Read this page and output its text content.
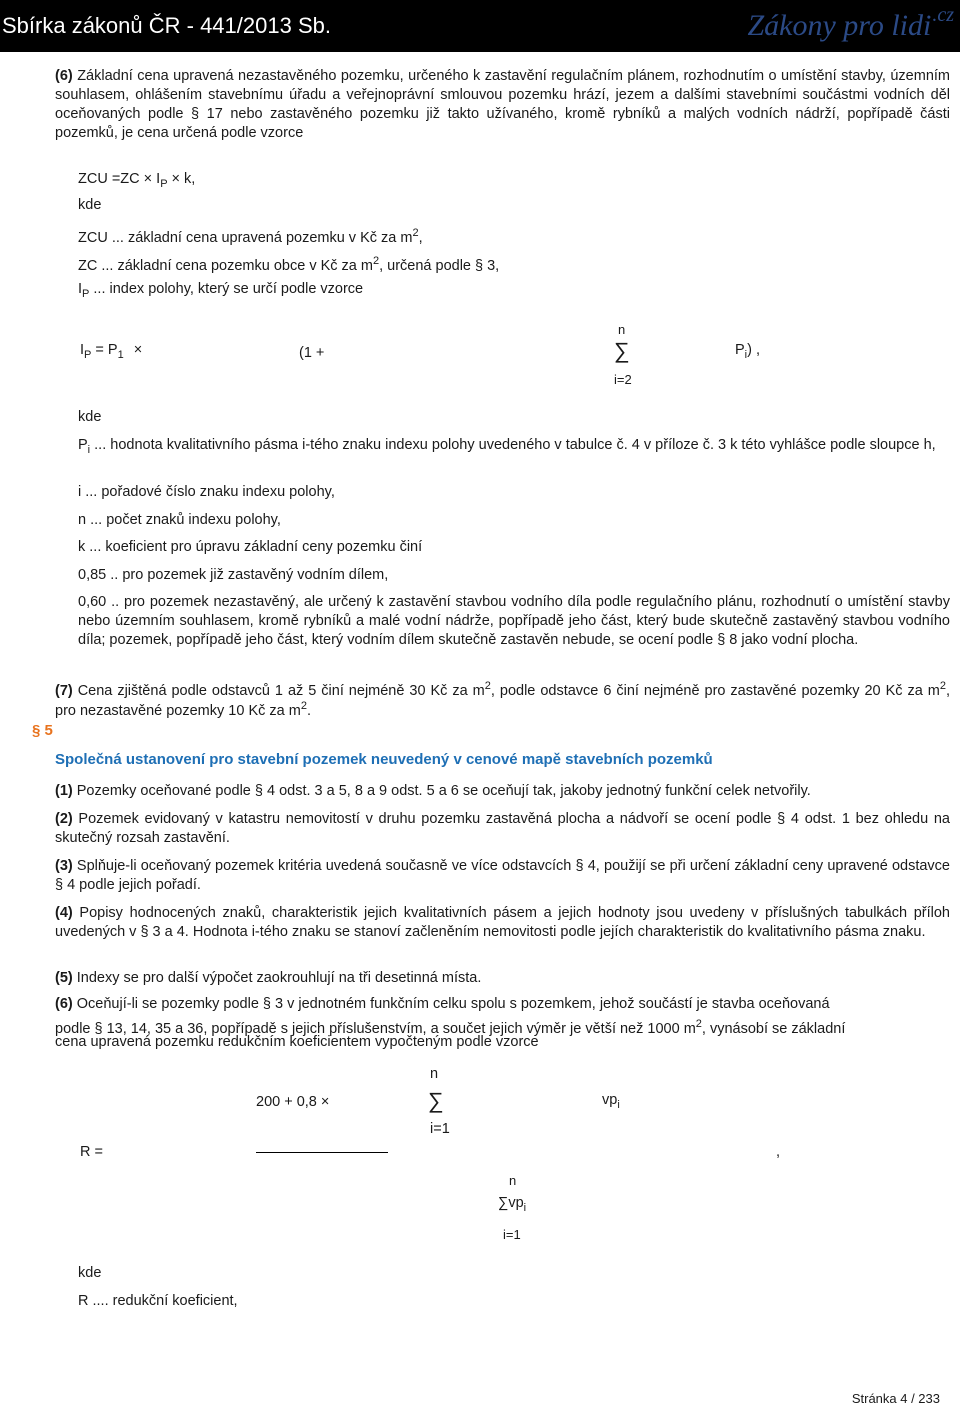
Sbírka zákonů ČR - 441/2013 Sb.	Zákony pro lidi$^{.cz}$
(6) Základní cena upravená nezastavěného pozemku, určeného k zastavění regulačním plánem, rozhodnutím o umístění stavby, územním souhlasem, ohlášením stavebnímu úřadu a veřejnoprávní smlouvou pozemku hrází, jezem a dalšími stavebními součástmi vodních děl oceňovaných podle § 17 nebo zastavěného pozemku již takto užívaného, kromě rybníků a malých vodních nádrží, popřípadě části pozemků, je cena určená podle vzorce
ZCU $=ZC \times I_P \times k$,
kde
ZCU ... základní cena upravená pozemku v Kč za $m^2$,
ZC ... základní cena pozemku obce v Kč za $m^2$, určená podle § 3,
$I_P$ ... index polohy, který se určí podle vzorce
$I_P = P_1$ ×	(1 +
n
∑
i=2
$P_i$) ,
kde
$P_i$ ... hodnota kvalitativního pásma i-tého znaku indexu polohy uvedeného v tabulce č. 4 v příloze č. 3 k této vyhlášce podle sloupce h,
i ... pořadové číslo znaku indexu polohy,
n ... počet znaků indexu polohy,
k ... koeficient pro úpravu základní ceny pozemku činí
0,85 .. pro pozemek již zastavěný vodním dílem,
0,60 .. pro pozemek nezastavěný, ale určený k zastavění stavbou vodního díla podle regulačního plánu, rozhodnutí o umístění stavby nebo územním souhlasem, kromě rybníků a malé vodní nádrže, popřípadě jeho část, který bude skutečně zastavěný stavbou vodního díla; pozemek, popřípadě jeho část, který vodním dílem skutečně zastavěn nebude, se ocení podle § 8 jako vodní plocha.
(7) Cena zjištěná podle odstavců 1 až 5 činí nejméně 30 Kč za $m^2$, podle odstavce 6 činí nejméně pro zastavěné pozemky 20 Kč za $m^2$, pro nezastavěné pozemky 10 Kč za $m^2$.
§ 5
Společná ustanovení pro stavební pozemek neuvedený v cenové mapě stavebních pozemků
(1) Pozemky oceňované podle § 4 odst. 3 a 5, 8 a 9 odst. 5 a 6 se oceňují tak, jakoby jednotný funkční celek netvořily.
(2) Pozemek evidovaný v katastru nemovitostí v druhu pozemku zastavěná plocha a nádvoří se ocení podle § 4 odst. 1 bez ohledu na skutečný rozsah zastavění.
(3) Splňuje-li oceňovaný pozemek kritéria uvedená současně ve více odstavcích § 4, použijí se při určení základní ceny upravené odstavce § 4 podle jejich pořadí.
(4) Popisy hodnocených znaků, charakteristik jejich kvalitativních pásem a jejich hodnoty jsou uvedeny v příslušných tabulkách příloh uvedených v § 3 a 4. Hodnota i-tého znaku se stanoví začleněním nemovitosti podle jejích charakteristik do kvalitativního pásma znaku.
(5) Indexy se pro další výpočet zaokrouhlují na tři desetinná místa.
(6) Oceňují-li se pozemky podle § 3 v jednotném funkčním celku spolu s pozemkem, jehož součástí je stavba oceňovaná
podle § 13, 14, 35 a 36, popřípadě s jejich příslušenstvím, a součet jejich výměr je větší než 1000 $m^2$, vynásobí se základní
cena upravená pozemku redukčním koeficientem vypočteným podle vzorce
n
200 + 0,8 ×	∑	$vp_i$
i=1
R =	,
n
$\sum vp_i$
i=1
kde
R .... redukční koeficient,
Stránka 4 / 233
